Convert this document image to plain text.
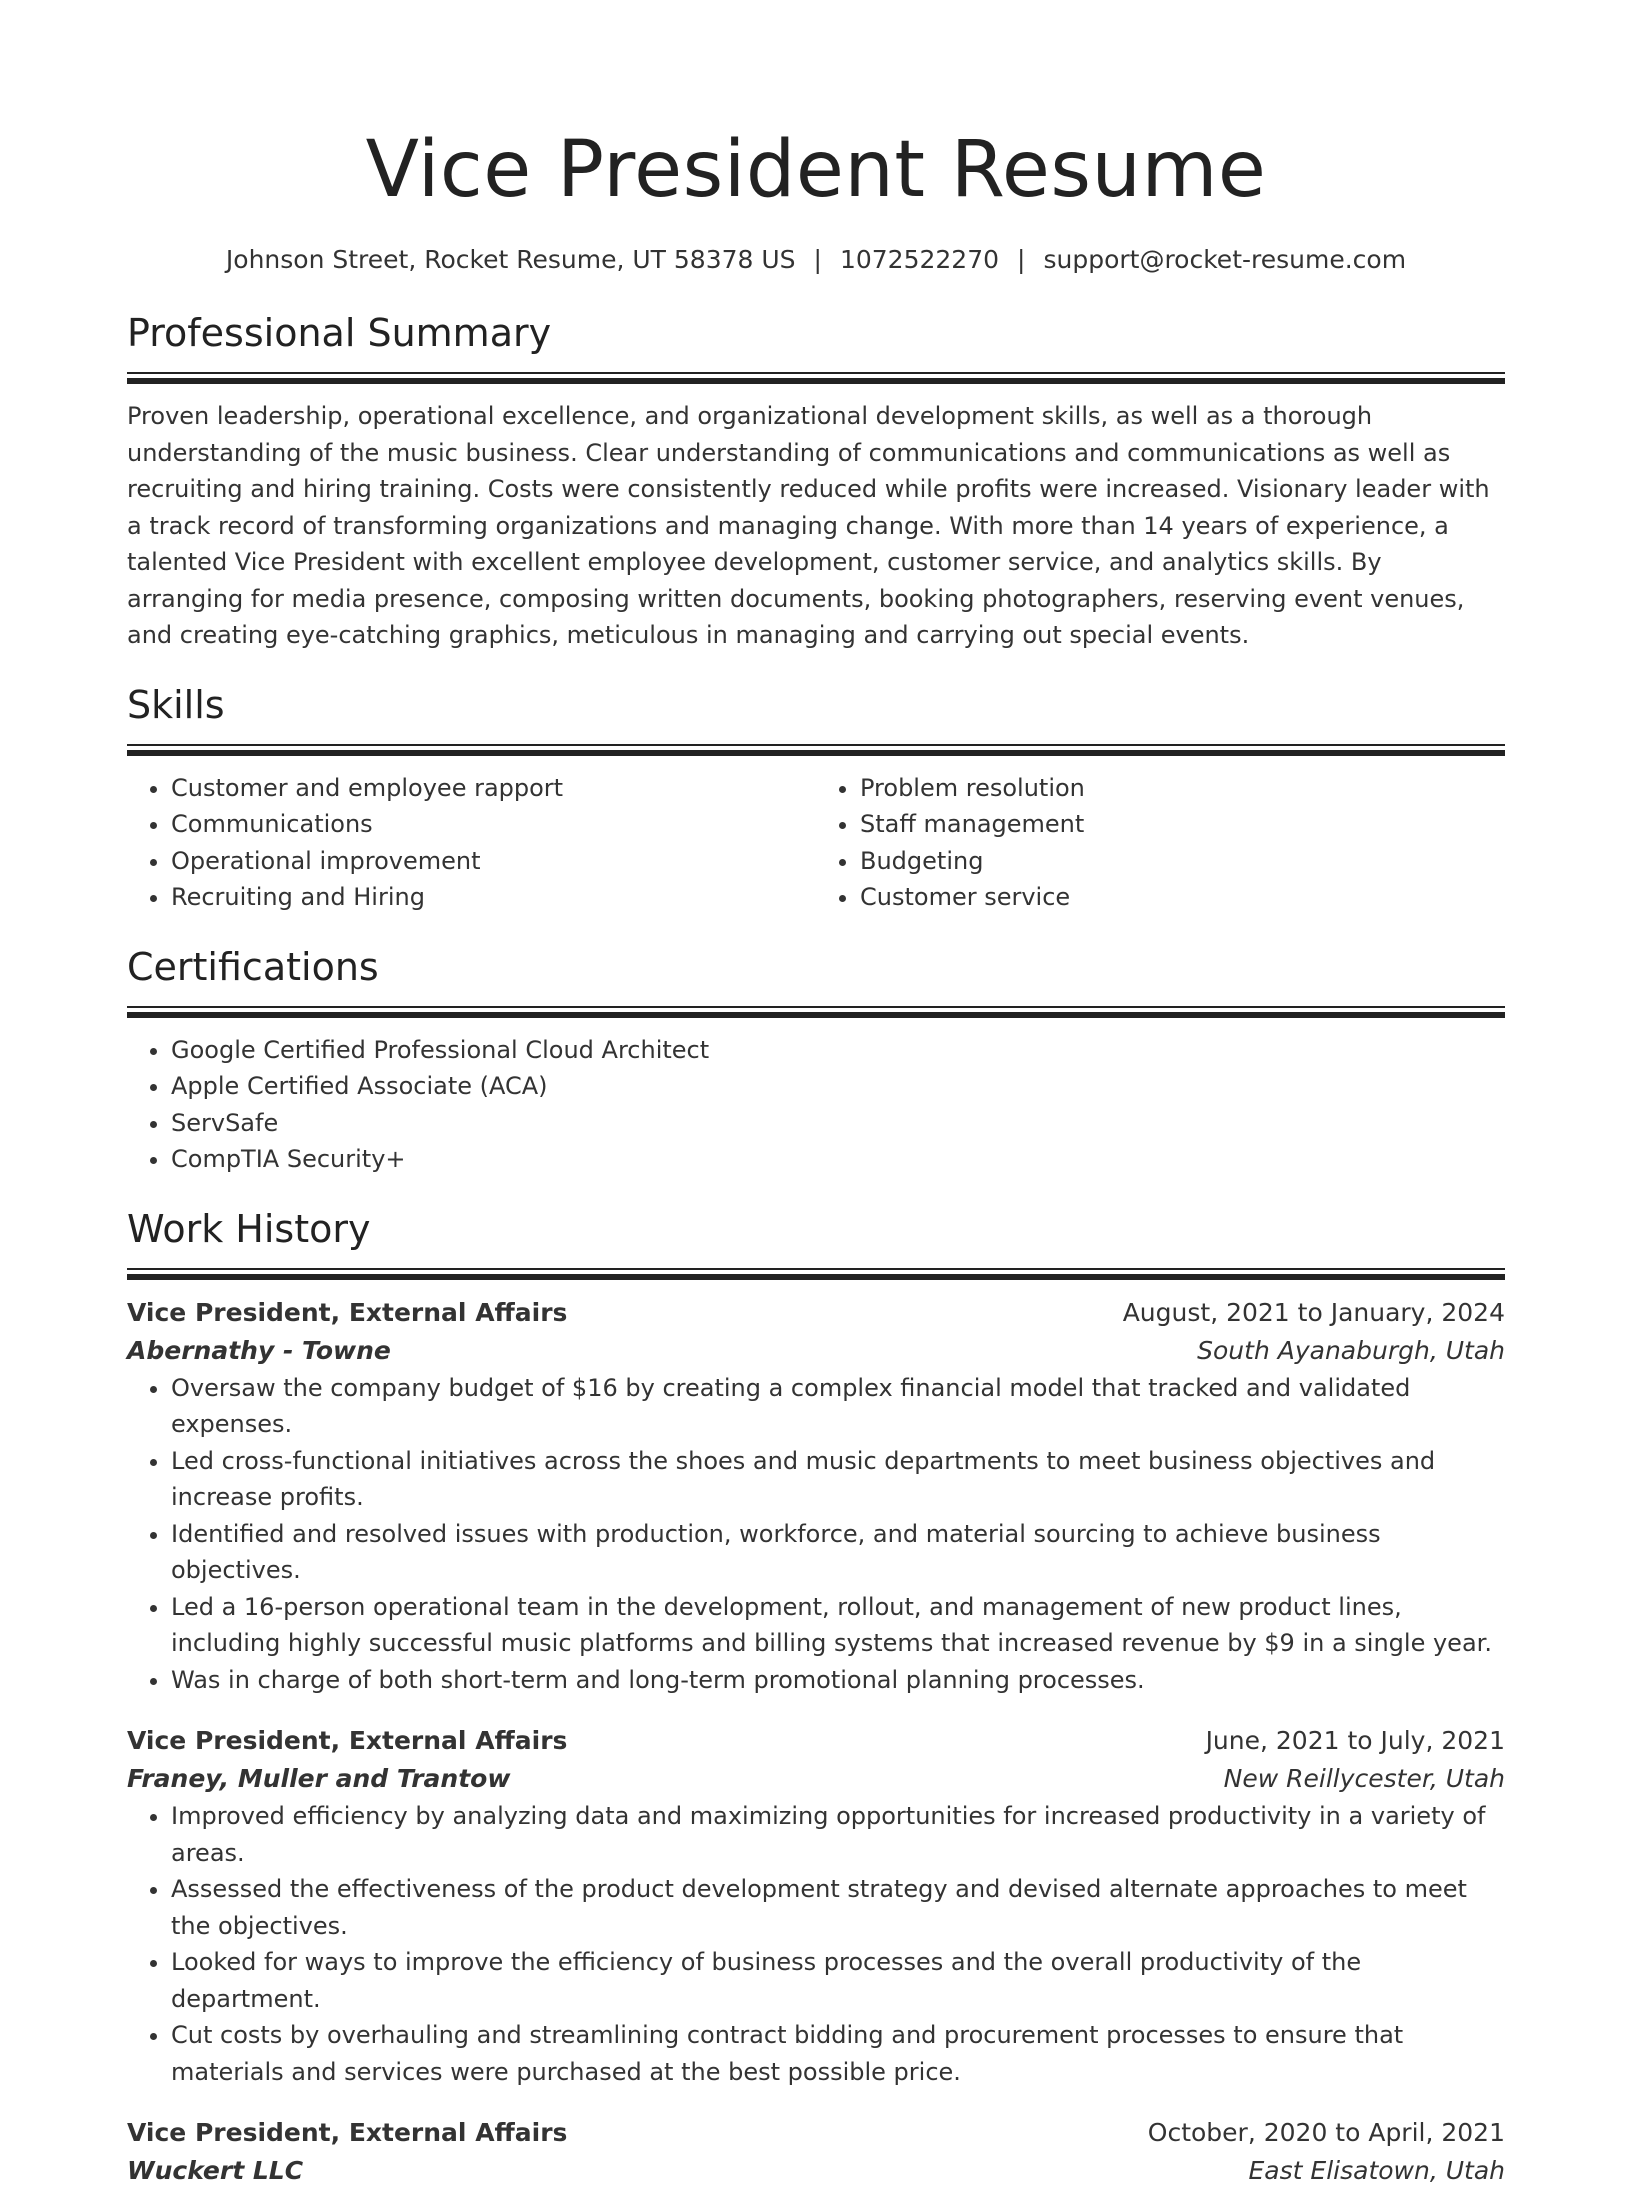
Vice President Resume
Johnson Street, Rocket Resume, UT 58378 US | 1072522270 | support@rocket-resume.com
Professional Summary

Proven leadership, operational excellence, and organizational development skills, as well as a thorough understanding of the music business. Clear understanding of communications and communications as well as recruiting and hiring training. Costs were consistently reduced while profits were increased. Visionary leader with a track record of transforming organizations and managing change. With more than 14 years of experience, a talented Vice President with excellent employee development, customer service, and analytics skills. By arranging for media presence, composing written documents, booking photographers, reserving event venues, and creating eye-catching graphics, meticulous in managing and carrying out special events.

Skills
• Customer and employee rapport
• Communications
• Operational improvement
• Recruiting and Hiring
• Problem resolution
• Staff management
• Budgeting
• Customer service
Certifications
• Google Certified Professional Cloud Architect
• Apple Certified Associate (ACA)
• ServSafe
• CompTIA Security+
Work History
Vice President, External Affairs	August, 2021 to January, 2024
Abernathy - Towne	South Ayanaburgh, Utah
• Oversaw the company budget of $16 by creating a complex financial model that tracked and validated expenses.
• Led cross-functional initiatives across the shoes and music departments to meet business objectives and increase profits.
• Identified and resolved issues with production, workforce, and material sourcing to achieve business objectives.
• Led a 16-person operational team in the development, rollout, and management of new product lines, including highly successful music platforms and billing systems that increased revenue by $9 in a single year.
• Was in charge of both short-term and long-term promotional planning processes.
Vice President, External Affairs	June, 2021 to July, 2021
Franey, Muller and Trantow	New Reillycester, Utah
• Improved efficiency by analyzing data and maximizing opportunities for increased productivity in a variety of areas.
• Assessed the effectiveness of the product development strategy and devised alternate approaches to meet the objectives.
• Looked for ways to improve the efficiency of business processes and the overall productivity of the department.
• Cut costs by overhauling and streamlining contract bidding and procurement processes to ensure that materials and services were purchased at the best possible price.
Vice President, External Affairs	October, 2020 to April, 2021
Wuckert LLC	East Elisatown, Utah
